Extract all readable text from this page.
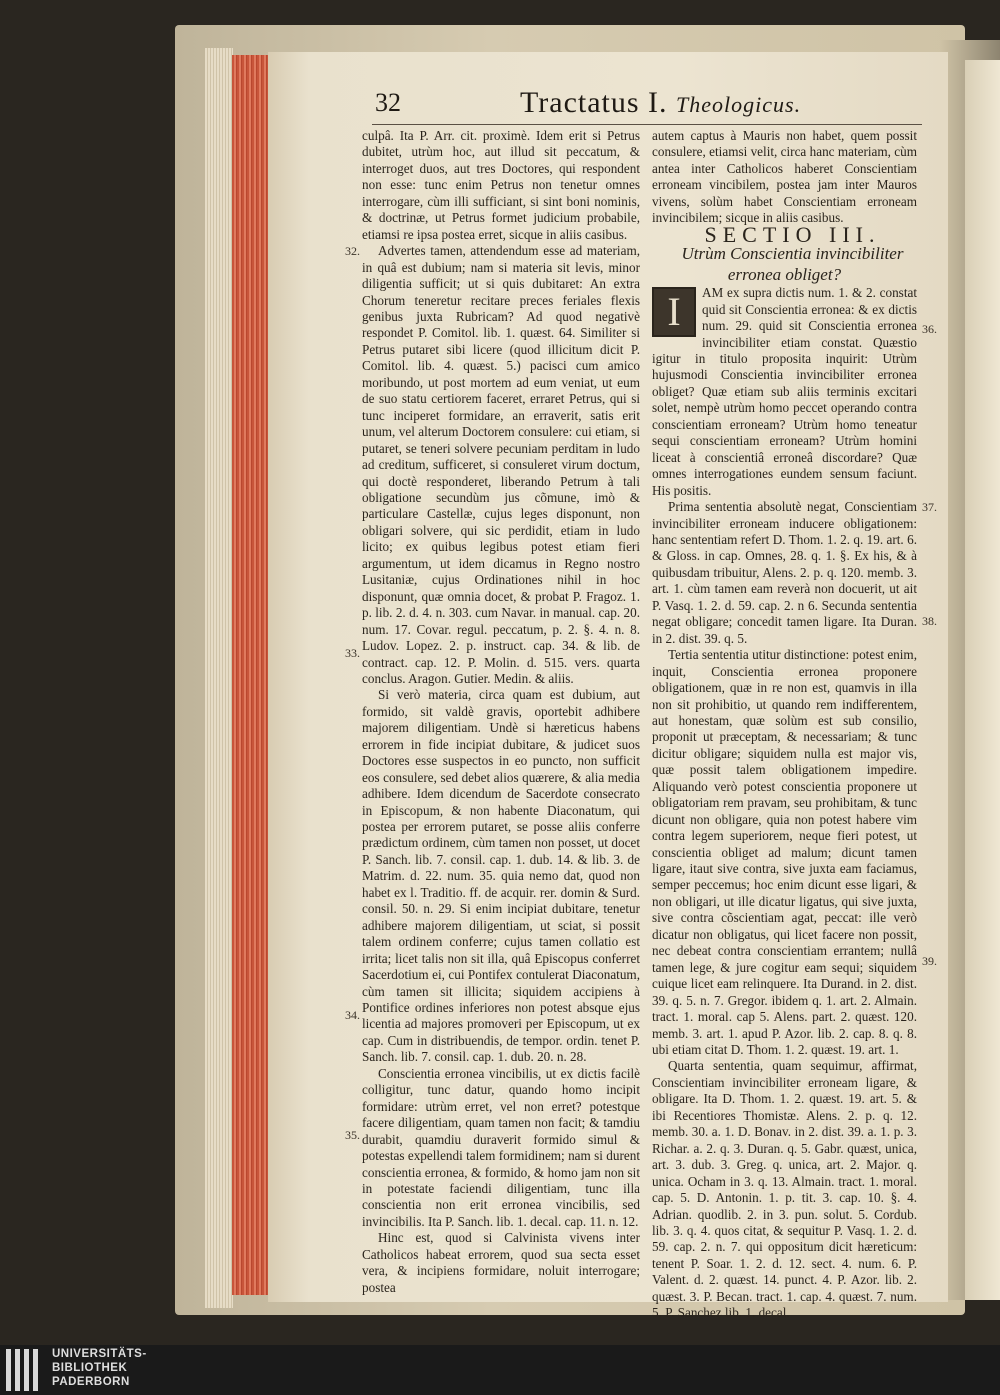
32	Tractatus I. Theologicus.

culpâ. Ita P. Arr. cit. proximè. Idem erit si Petrus dubitet, utrùm hoc, aut illud sit peccatum, & interroget duos, aut tres Doctores, qui respondent non esse: tunc enim Petrus non tenetur omnes interrogare, cùm illi sufficiant, si sint boni nominis, & doctrinæ, ut Petrus formet judicium probabile, etiamsi re ipsa postea erret, sicque in aliis casibus.

Advertes tamen, attendendum esse ad materiam, in quâ est dubium; nam si materia sit levis, minor diligentia sufficit; ut si quis dubitaret: An extra Chorum teneretur recitare preces feriales flexis genibus juxta Rubricam? Ad quod negativè respondet P. Comitol. lib. 1. quæst. 64. Similiter si Petrus putaret sibi licere (quod illicitum dicit P. Comitol. lib. 4. quæst. 5.) pacisci cum amico moribundo, ut post mortem ad eum veniat, ut eum de suo statu certiorem faceret, erraret Petrus, qui si tunc inciperet formidare, an erraverit, satis erit unum, vel alterum Doctorem consulere: cui etiam, si putaret, se teneri solvere pecuniam perditam in ludo ad creditum, sufficeret, si consuleret virum doctum, qui doctè responderet, liberando Petrum à tali obligatione secundùm jus cõmune, imò & particulare Castellæ, cujus leges disponunt, non obligari solvere, qui sic perdidit, etiam in ludo licito; ex quibus legibus potest etiam fieri argumentum, ut idem dicamus in Regno nostro Lusitaniæ, cujus Ordinationes nihil in hoc disponunt, quæ omnia docet, & probat P. Fragoz. 1. p. lib. 2. d. 4. n. 303. cum Navar. in manual. cap. 20. num. 17. Covar. regul. peccatum, p. 2. §. 4. n. 8. Ludov. Lopez. 2. p. instruct. cap. 34. & lib. de contract. cap. 12. P. Molin. d. 515. vers. quarta conclus. Aragon. Gutier. Medin. & aliis.

Si verò materia, circa quam est dubium, aut formido, sit valdè gravis, oportebit adhibere majorem diligentiam. Undè si hæreticus habens errorem in fide incipiat dubitare, & judicet suos Doctores esse suspectos in eo puncto, non sufficit eos consulere, sed debet alios quærere, & alia media adhibere. Idem dicendum de Sacerdote consecrato in Episcopum, & non habente Diaconatum, qui postea per errorem putaret, se posse aliis conferre prædictum ordinem, cùm tamen non posset, ut docet P. Sanch. lib. 7. consil. cap. 1. dub. 14. & lib. 3. de Matrim. d. 22. num. 35. quia nemo dat, quod non habet ex l. Traditio. ff. de acquir. rer. domin & Surd. consil. 50. n. 29. Si enim incipiat dubitare, tenetur adhibere majorem diligentiam, ut sciat, si possit talem ordinem conferre; cujus tamen collatio est irrita; licet talis non sit illa, quâ Episcopus conferret Sacerdotium ei, cui Pontifex contulerat Diaconatum, cùm tamen sit illicita; siquidem accipiens à Pontifice ordines inferiores non potest absque ejus licentia ad majores promoveri per Episcopum, ut ex cap. Cum in distribuendis, de tempor. ordin. tenet P. Sanch. lib. 7. consil. cap. 1. dub. 20. n. 28.

Conscientia erronea vincibilis, ut ex dictis facilè colligitur, tunc datur, quando homo incipit formidare: utrùm erret, vel non erret? potestque facere diligentiam, quam tamen non facit; & tamdiu durabit, quamdiu duraverit formido simul & potestas expellendi talem formidinem; nam si durent conscientia erronea, & formido, & homo jam non sit in potestate faciendi diligentiam, tunc illa conscientia non erit erronea vincibilis, sed invincibilis. Ita P. Sanch. lib. 1. decal. cap. 11. n. 12.

Hinc est, quod si Calvinista vivens inter Catholicos habeat errorem, quod sua secta esset vera, & incipiens formidare, noluit interrogare; postea

autem captus à Mauris non habet, quem possit consulere, etiamsi velit, circa hanc materiam, cùm antea inter Catholicos haberet Conscientiam erroneam vincibilem, postea jam inter Mauros vivens, solùm habet Conscientiam erroneam invincibilem; sicque in aliis casibus.

SECTIO III.

Utrùm Conscientia invincibiliter erronea obliget?

I	AM ex supra dictis num. 1. & 2. constat quid sit Conscientia erronea: & ex dictis num. 29. quid sit Conscientia erronea invincibiliter etiam constat. Quæstio igitur in titulo proposita inquirit: Utrùm hujusmodi Conscientia invincibiliter erronea obliget? Quæ etiam sub aliis terminis excitari solet, nempè utrùm homo peccet operando contra conscientiam erroneam? Utrùm homo teneatur sequi conscientiam erroneam? Utrùm homini liceat à conscientiâ erroneâ discordare? Quæ omnes interrogationes eundem sensum faciunt. His positis.

Prima sententia absolutè negat, Conscientiam invincibiliter erroneam inducere obligationem: hanc sententiam refert D. Thom. 1. 2. q. 19. art. 6. & Gloss. in cap. Omnes, 28. q. 1. §. Ex his, & à quibusdam tribuitur, Alens. 2. p. q. 120. memb. 3. art. 1. cùm tamen eam reverà non docuerit, ut ait P. Vasq. 1. 2. d. 59. cap. 2. n 6. Secunda sententia negat obligare; concedit tamen ligare. Ita Duran. in 2. dist. 39. q. 5.

Tertia sententia utitur distinctione: potest enim, inquit, Conscientia erronea proponere obligationem, quæ in re non est, quamvis in illa non sit prohibitio, ut quando rem indifferentem, aut honestam, quæ solùm est sub consilio, proponit ut præceptam, & necessariam; & tunc dicitur obligare; siquidem nulla est major vis, quæ possit talem obligationem impedire. Aliquando verò potest conscientia proponere ut obligatoriam rem pravam, seu prohibitam, & tunc dicunt non obligare, quia non potest habere vim contra legem superiorem, neque fieri potest, ut conscientia obliget ad malum; dicunt tamen ligare, itaut sive contra, sive juxta eam faciamus, semper peccemus; hoc enim dicunt esse ligari, & non obligari, ut ille dicatur ligatus, qui sive juxta, sive contra cõscientiam agat, peccat: ille verò dicatur non obligatus, qui licet facere non possit, nec debeat contra conscientiam errantem; nullâ tamen lege, & jure cogitur eam sequi; siquidem cuique licet eam relinquere. Ita Durand. in 2. dist. 39. q. 5. n. 7. Gregor. ibidem q. 1. art. 2. Almain. tract. 1. moral. cap 5. Alens. part. 2. quæst. 120. memb. 3. art. 1. apud P. Azor. lib. 2. cap. 8. q. 8. ubi etiam citat D. Thom. 1. 2. quæst. 19. art. 1.

Quarta sententia, quam sequimur, affirmat, Conscientiam invincibiliter erroneam ligare, & obligare. Ita D. Thom. 1. 2. quæst. 19. art. 5. & ibi Recentiores Thomistæ. Alens. 2. p. q. 12. memb. 30. a. 1. D. Bonav. in 2. dist. 39. a. 1. p. 3. Richar. a. 2. q. 3. Duran. q. 5. Gabr. quæst, unica, art. 3. dub. 3. Greg. q. unica, art. 2. Major. q. unica. Ocham in 3. q. 13. Almain. tract. 1. moral. cap. 5. D. Antonin. 1. p. tit. 3. cap. 10. §. 4. Adrian. quodlib. 2. in 3. pun. solut. 5. Cordub. lib. 3. q. 4. quos citat, & sequitur P. Vasq. 1. 2. d. 59. cap. 2. n. 7. qui oppositum dicit hæreticum: tenent P. Soar. 1. 2. d. 12. sect. 4. num. 6. P. Valent. d. 2. quæst. 14. punct. 4. P. Azor. lib. 2. quæst. 3. P. Becan. tract. 1. cap. 4. quæst. 7. num. 5. P. Sanchez lib. 1. decal.

32.
33.
34.
35.
36.
37.
38.
39.
UNIVERSITÄTS-
BIBLIOTHEK
PADERBORN
